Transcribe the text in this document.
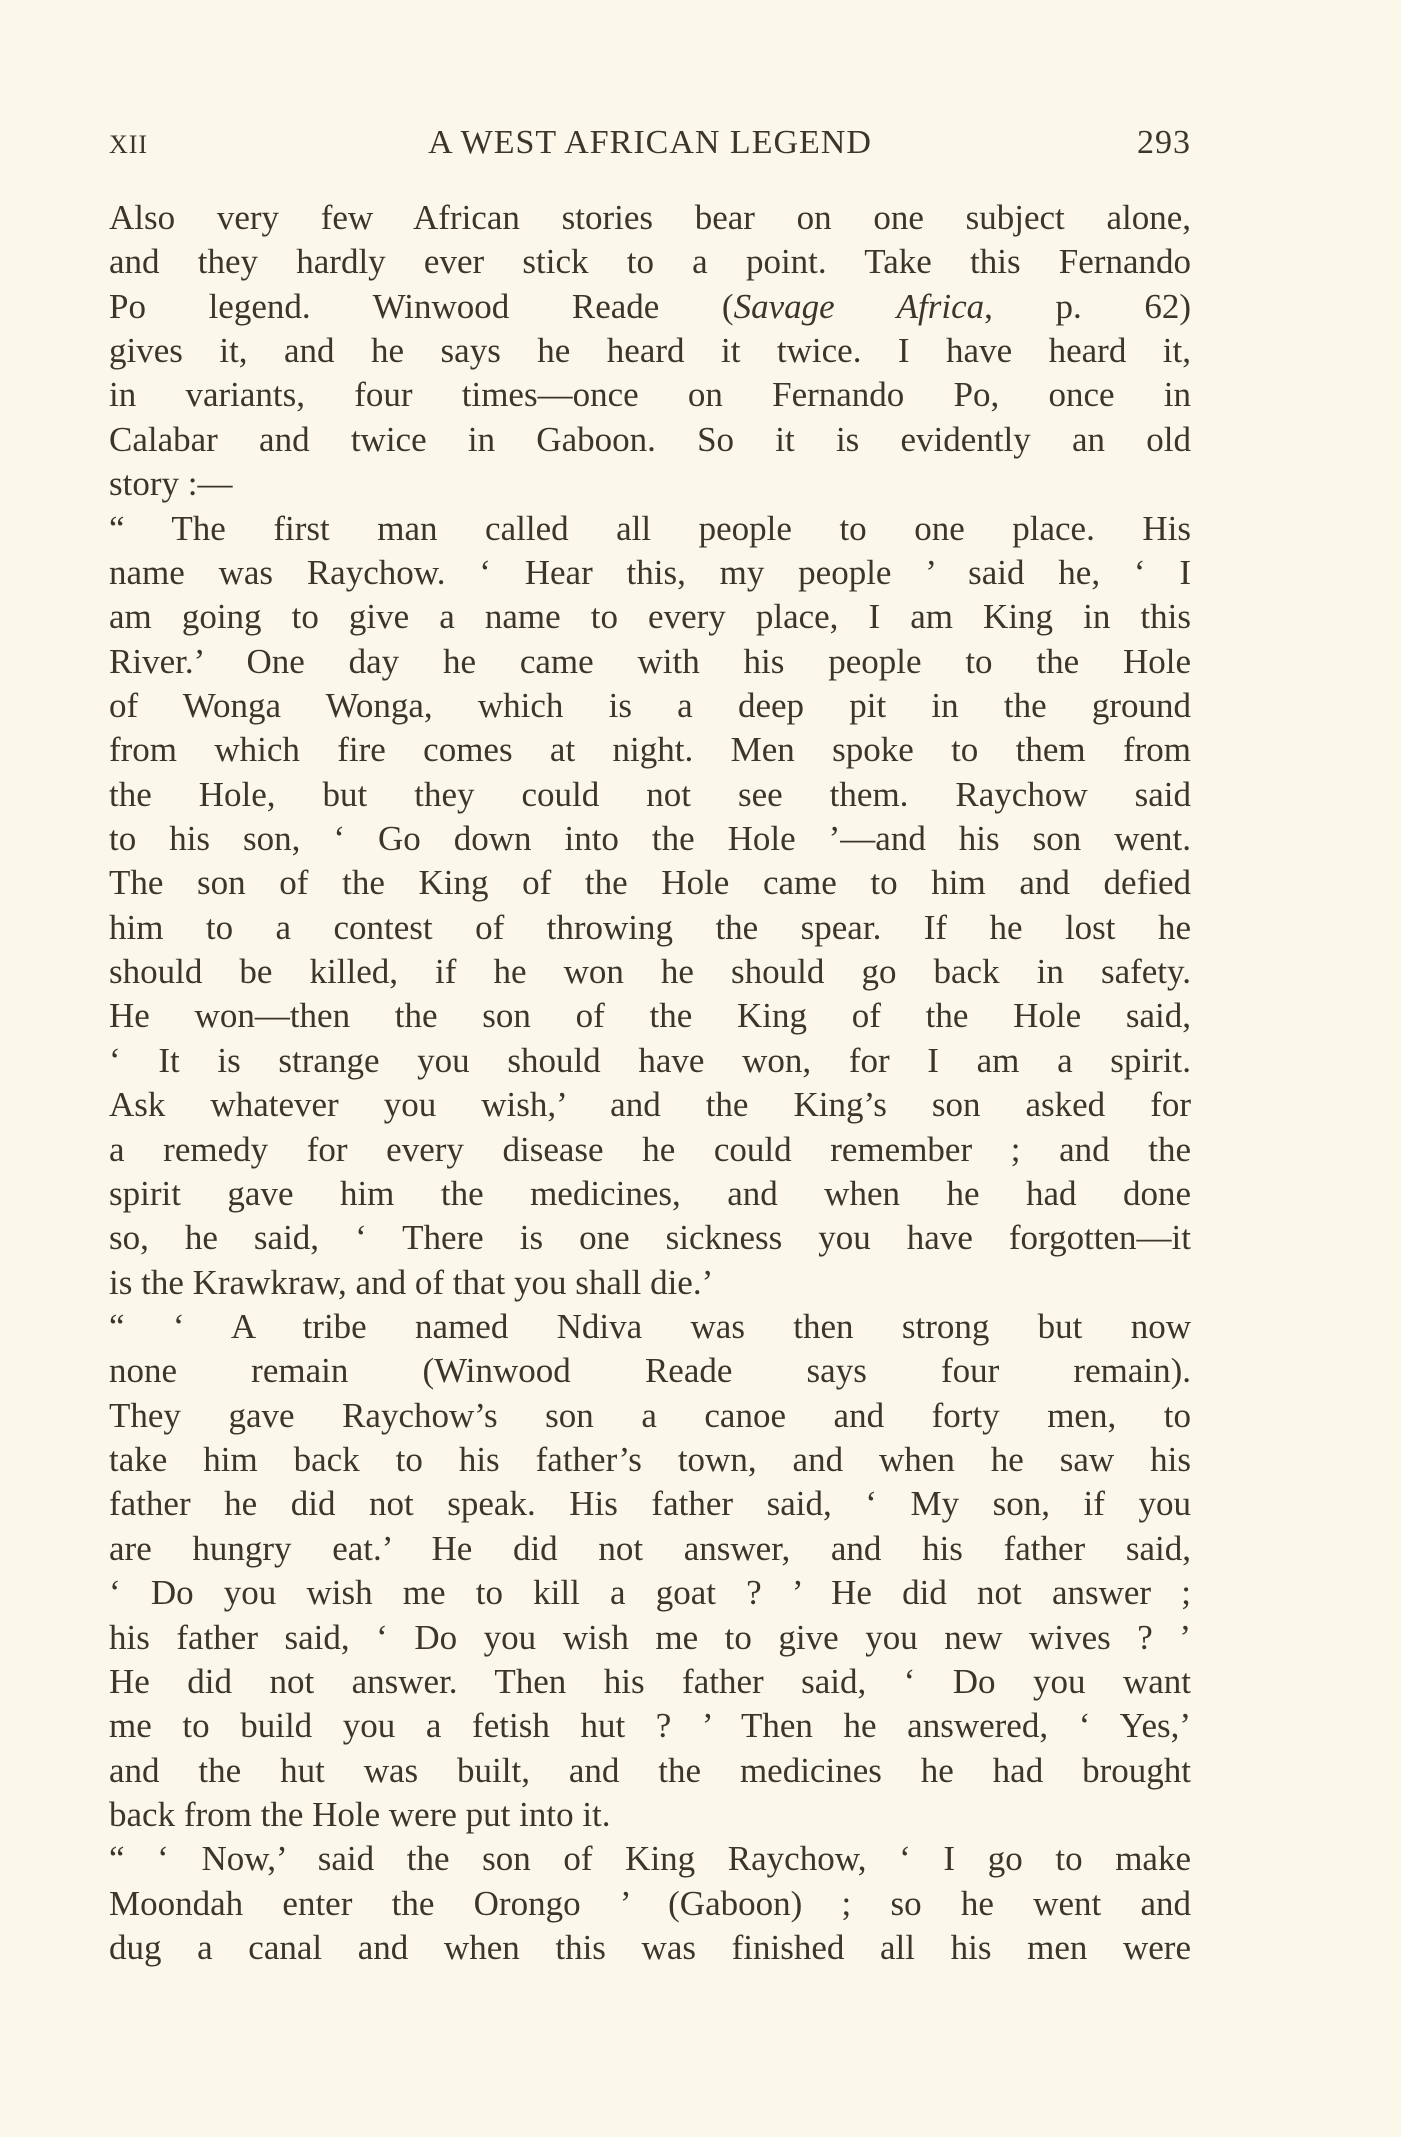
XII	A WEST AFRICAN LEGEND	293
Also very few African stories bear on one subject alone,
and they hardly ever stick to a point. Take this Fernando
Po legend. Winwood Reade (Savage Africa, p. 62)
gives it, and he says he heard it twice. I have heard it,
in variants, four times—once on Fernando Po, once in
Calabar and twice in Gaboon. So it is evidently an old
story :—
“ The first man called all people to one place. His
name was Raychow. ‘ Hear this, my people ’ said he, ‘ I
am going to give a name to every place, I am King in this
River.’ One day he came with his people to the Hole
of Wonga Wonga, which is a deep pit in the ground
from which fire comes at night. Men spoke to them from
the Hole, but they could not see them. Raychow said
to his son, ‘ Go down into the Hole ’—and his son went.
The son of the King of the Hole came to him and defied
him to a contest of throwing the spear. If he lost he
should be killed, if he won he should go back in safety.
He won—then the son of the King of the Hole said,
‘ It is strange you should have won, for I am a spirit.
Ask whatever you wish,’ and the King’s son asked for
a remedy for every disease he could remember ; and the
spirit gave him the medicines, and when he had done
so, he said, ‘ There is one sickness you have forgotten—it
is the Krawkraw, and of that you shall die.’
“ ‘ A tribe named Ndiva was then strong but now
none remain (Winwood Reade says four remain).
They gave Raychow’s son a canoe and forty men, to
take him back to his father’s town, and when he saw his
father he did not speak. His father said, ‘ My son, if you
are hungry eat.’ He did not answer, and his father said,
‘ Do you wish me to kill a goat ? ’ He did not answer ;
his father said, ‘ Do you wish me to give you new wives ? ’
He did not answer. Then his father said, ‘ Do you want
me to build you a fetish hut ? ’ Then he answered, ‘ Yes,’
and the hut was built, and the medicines he had brought
back from the Hole were put into it.
“ ‘ Now,’ said the son of King Raychow, ‘ I go to make
Moondah enter the Orongo ’ (Gaboon) ; so he went and
dug a canal and when this was finished all his men were
